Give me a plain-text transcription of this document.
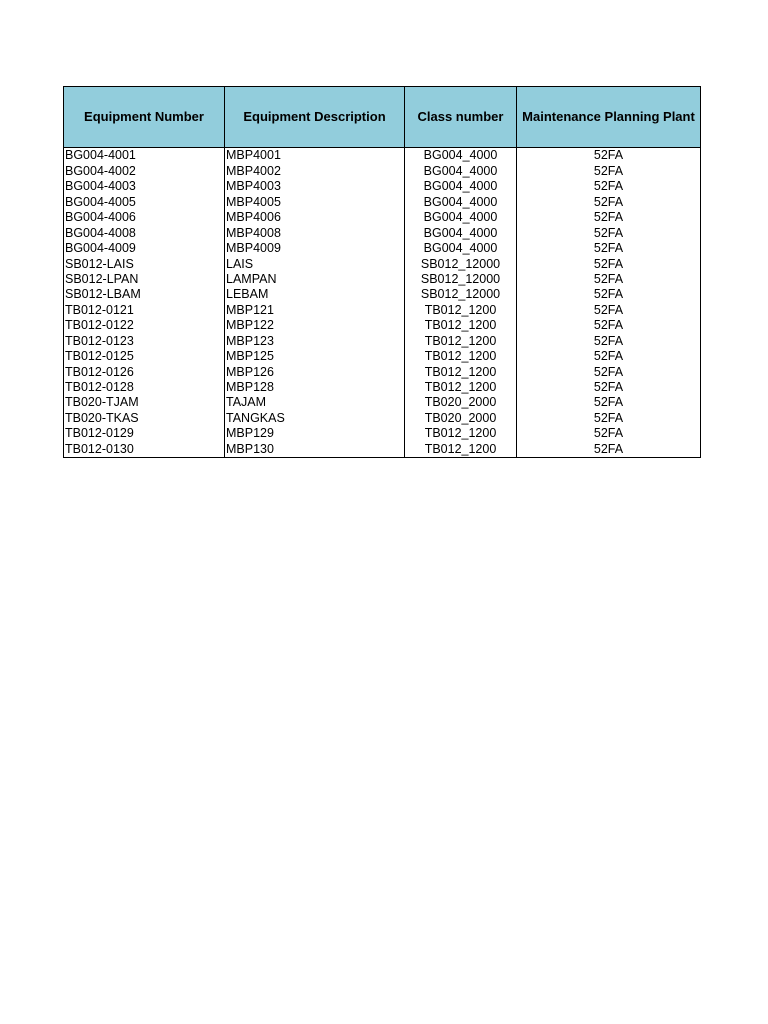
Equipment Number	Equipment Description	Class number	Maintenance Planning Plant
BG004-4001	MBP4001	BG004_4000	52FA
BG004-4002	MBP4002	BG004_4000	52FA
BG004-4003	MBP4003	BG004_4000	52FA
BG004-4005	MBP4005	BG004_4000	52FA
BG004-4006	MBP4006	BG004_4000	52FA
BG004-4008	MBP4008	BG004_4000	52FA
BG004-4009	MBP4009	BG004_4000	52FA
SB012-LAIS	LAIS	SB012_12000	52FA
SB012-LPAN	LAMPAN	SB012_12000	52FA
SB012-LBAM	LEBAM	SB012_12000	52FA
TB012-0121	MBP121	TB012_1200	52FA
TB012-0122	MBP122	TB012_1200	52FA
TB012-0123	MBP123	TB012_1200	52FA
TB012-0125	MBP125	TB012_1200	52FA
TB012-0126	MBP126	TB012_1200	52FA
TB012-0128	MBP128	TB012_1200	52FA
TB020-TJAM	TAJAM	TB020_2000	52FA
TB020-TKAS	TANGKAS	TB020_2000	52FA
TB012-0129	MBP129	TB012_1200	52FA
TB012-0130	MBP130	TB012_1200	52FA
